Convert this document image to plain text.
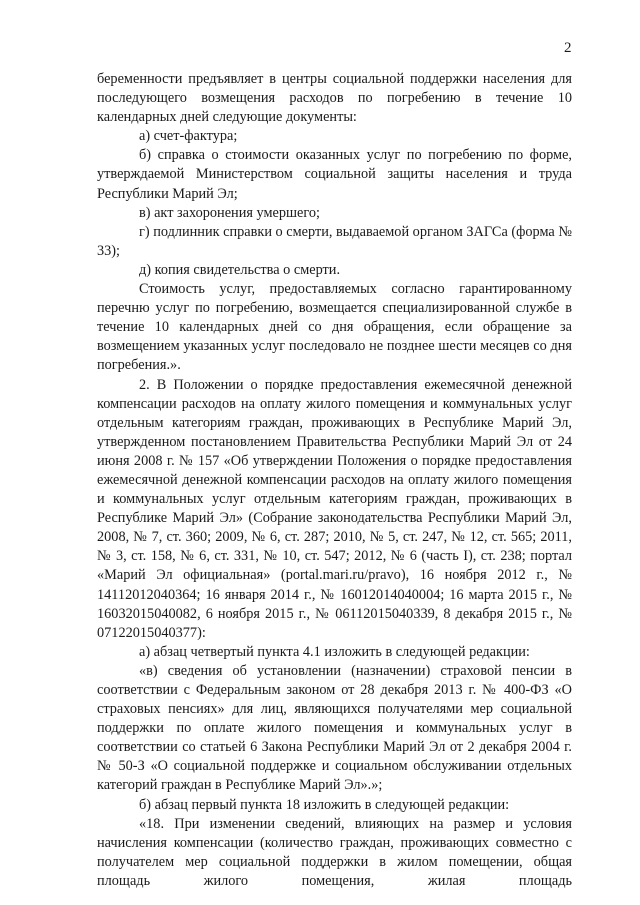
2

беременности предъявляет в центры социальной поддержки населения для последующего возмещения расходов по погребению в течение 10 календарных дней следующие документы:

а) счет-фактура;

б) справка о стоимости оказанных услуг по погребению по форме, утверждаемой Министерством социальной защиты населения и труда Республики Марий Эл;

в) акт захоронения умершего;

г) подлинник справки о смерти, выдаваемой органом ЗАГСа (форма № 33);

д) копия свидетельства о смерти.

Стоимость услуг, предоставляемых согласно гарантированному перечню услуг по погребению, возмещается специализированной службе в течение 10 календарных дней со дня обращения, если обращение за возмещением указанных услуг последовало не позднее шести месяцев со дня погребения.».

2. В Положении о порядке предоставления ежемесячной денежной компенсации расходов на оплату жилого помещения и коммунальных услуг отдельным категориям граждан, проживающих в Республике Марий Эл, утвержденном постановлением Правительства Республики Марий Эл от 24 июня 2008 г. № 157 «Об утверждении Положения о порядке предоставления ежемесячной денежной компенсации расходов на оплату жилого помещения и коммунальных услуг отдельным категориям граждан, проживающих в Республике Марий Эл» (Собрание законодательства Республики Марий Эл, 2008, № 7, ст. 360; 2009, № 6, ст. 287; 2010, № 5, ст. 247, № 12, ст. 565; 2011, № 3, ст. 158, № 6, ст. 331, № 10, ст. 547; 2012, № 6 (часть I), ст. 238; портал «Марий Эл официальная» (portal.mari.ru/pravo), 16 ноября 2012 г., № 14112012040364; 16 января 2014 г., № 16012014040004; 16 марта 2015 г., № 16032015040082, 6 ноября 2015 г., № 06112015040339, 8 декабря 2015 г., № 07122015040377):

а) абзац четвертый пункта 4.1 изложить в следующей редакции:

«в) сведения об установлении (назначении) страховой пенсии в соответствии с Федеральным законом от 28 декабря 2013 г. № 400-ФЗ «О страховых пенсиях» для лиц, являющихся получателями мер социальной поддержки по оплате жилого помещения и коммунальных услуг в соответствии со статьей 6 Закона Республики Марий Эл от 2 декабря 2004 г. № 50-З «О социальной поддержке и социальном обслуживании отдельных категорий граждан в Республике Марий Эл».»;

б) абзац первый пункта 18 изложить в следующей редакции:

«18. При изменении сведений, влияющих на размер и условия начисления компенсации (количество граждан, проживающих совместно с получателем мер социальной поддержки в жилом помещении, общая площадь жилого помещения, жилая площадь
